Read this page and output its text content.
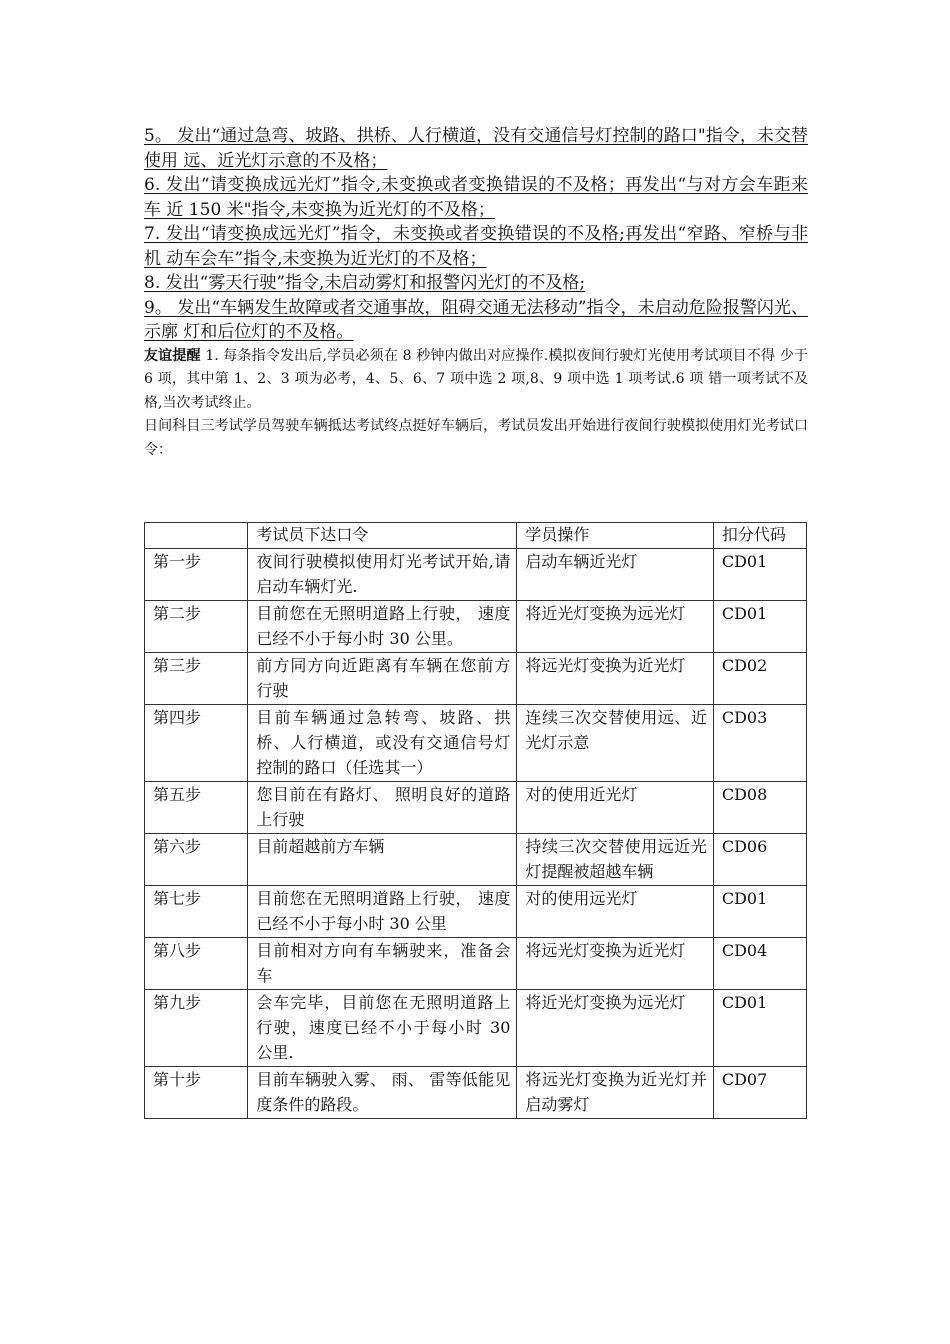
5。 发出“通过急弯、坡路、拱桥、人行横道，没有交通信号灯控制的路口"指令，未交替使用 远、近光灯示意的不及格；

6. 发出“请变换成远光灯”指令,未变换或者变换错误的不及格；再发出“与对方会车距来车 近 150 米"指令,未变换为近光灯的不及格；

7. 发出“请变换成远光灯”指令，未变换或者变换错误的不及格;再发出“窄路、窄桥与非机 动车会车”指令,未变换为近光灯的不及格；

8. 发出“雾天行驶”指令,未启动雾灯和报警闪光灯的不及格;

9。 发出“车辆发生故障或者交通事故，阻碍交通无法移动”指令，未启动危险报警闪光、示廓 灯和后位灯的不及格。

友谊提醒 1. 每条指令发出后,学员必须在 8 秒钟内做出对应操作.模拟夜间行驶灯光使用考试项目不得 少于 6 项，其中第 1、2、3 项为必考，4、5、6、7 项中选 2 项,8、9 项中选 1 项考试.6 项 错一项考试不及格,当次考试终止。

日间科目三考试学员驾驶车辆抵达考试终点挺好车辆后，考试员发出开始进行夜间行驶模拟使用灯光考试口令：

	考试员下达口令	学员操作	扣分代码
第一步	夜间行驶模拟使用灯光考试开始,请启动车辆灯光.	启动车辆近光灯	CD01
第二步	目前您在无照明道路上行驶， 速度已经不小于每小时 30 公里。	将近光灯变换为远光灯	CD01
第三步	前方同方向近距离有车辆在您前方行驶	将远光灯变换为近光灯	CD02
第四步	目前车辆通过急转弯、坡路、拱桥、人行横道，或没有交通信号灯控制的路口（任选其一）	连续三次交替使用远、近光灯示意	CD03
第五步	您目前在有路灯、 照明良好的道路上行驶	对的使用近光灯	CD08
第六步	目前超越前方车辆	持续三次交替使用远近光灯提醒被超越车辆	CD06
第七步	目前您在无照明道路上行驶， 速度已经不小于每小时 30 公里	对的使用远光灯	CD01
第八步	目前相对方向有车辆驶来，准备会车	将远光灯变换为近光灯	CD04
第九步	会车完毕，目前您在无照明道路上行驶，速度已经不小于每小时 30 公里.	将近光灯变换为远光灯	CD01
第十步	目前车辆驶入雾、 雨、 雷等低能见度条件的路段。	将远光灯变换为近光灯并启动雾灯	CD07
